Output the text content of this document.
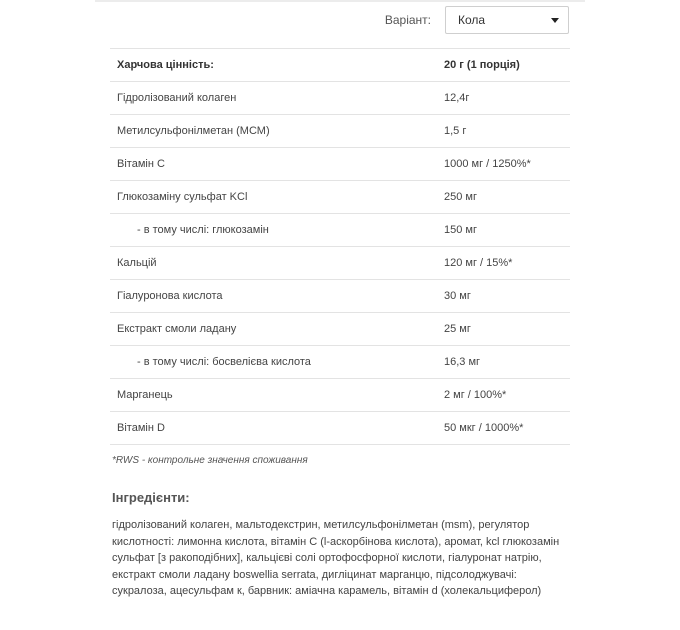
Варіант: Кола
Харчова цінність:	20 г (1 порція)
Гідролізований колаген	12,4г
Метилсульфонілметан (МСМ)	1,5 г
Вітамін С	1000 мг / 1250%*
Глюкозаміну сульфат KCl	250 мг
- в тому числі: глюкозамін	150 мг
Кальцій	120 мг / 15%*
Гіалуронова кислота	30 мг
Екстракт смоли ладану	25 мг
- в тому числі: босвелієва кислота	16,3 мг
Марганець	2 мг / 100%*
Вітамін D	50 мкг / 1000%*
*RWS - контрольне значення споживання
Інгредієнти:
гідролізований колаген, мальтодекстрин, метилсульфонілметан (msm), регулятор кислотності: лимонна кислота, вітамін С (l-аскорбінова кислота), аромат, kcl глюкозамін сульфат [з ракоподібних], кальцієві солі ортофосфорної кислоти, гіалуронат натрію, екстракт смоли ладану boswellia serrata, дигліцинат марганцю, підсолоджувачі: сукралоза, ацесульфам к, барвник: аміачна карамель, вітамін d (холекальциферол)
